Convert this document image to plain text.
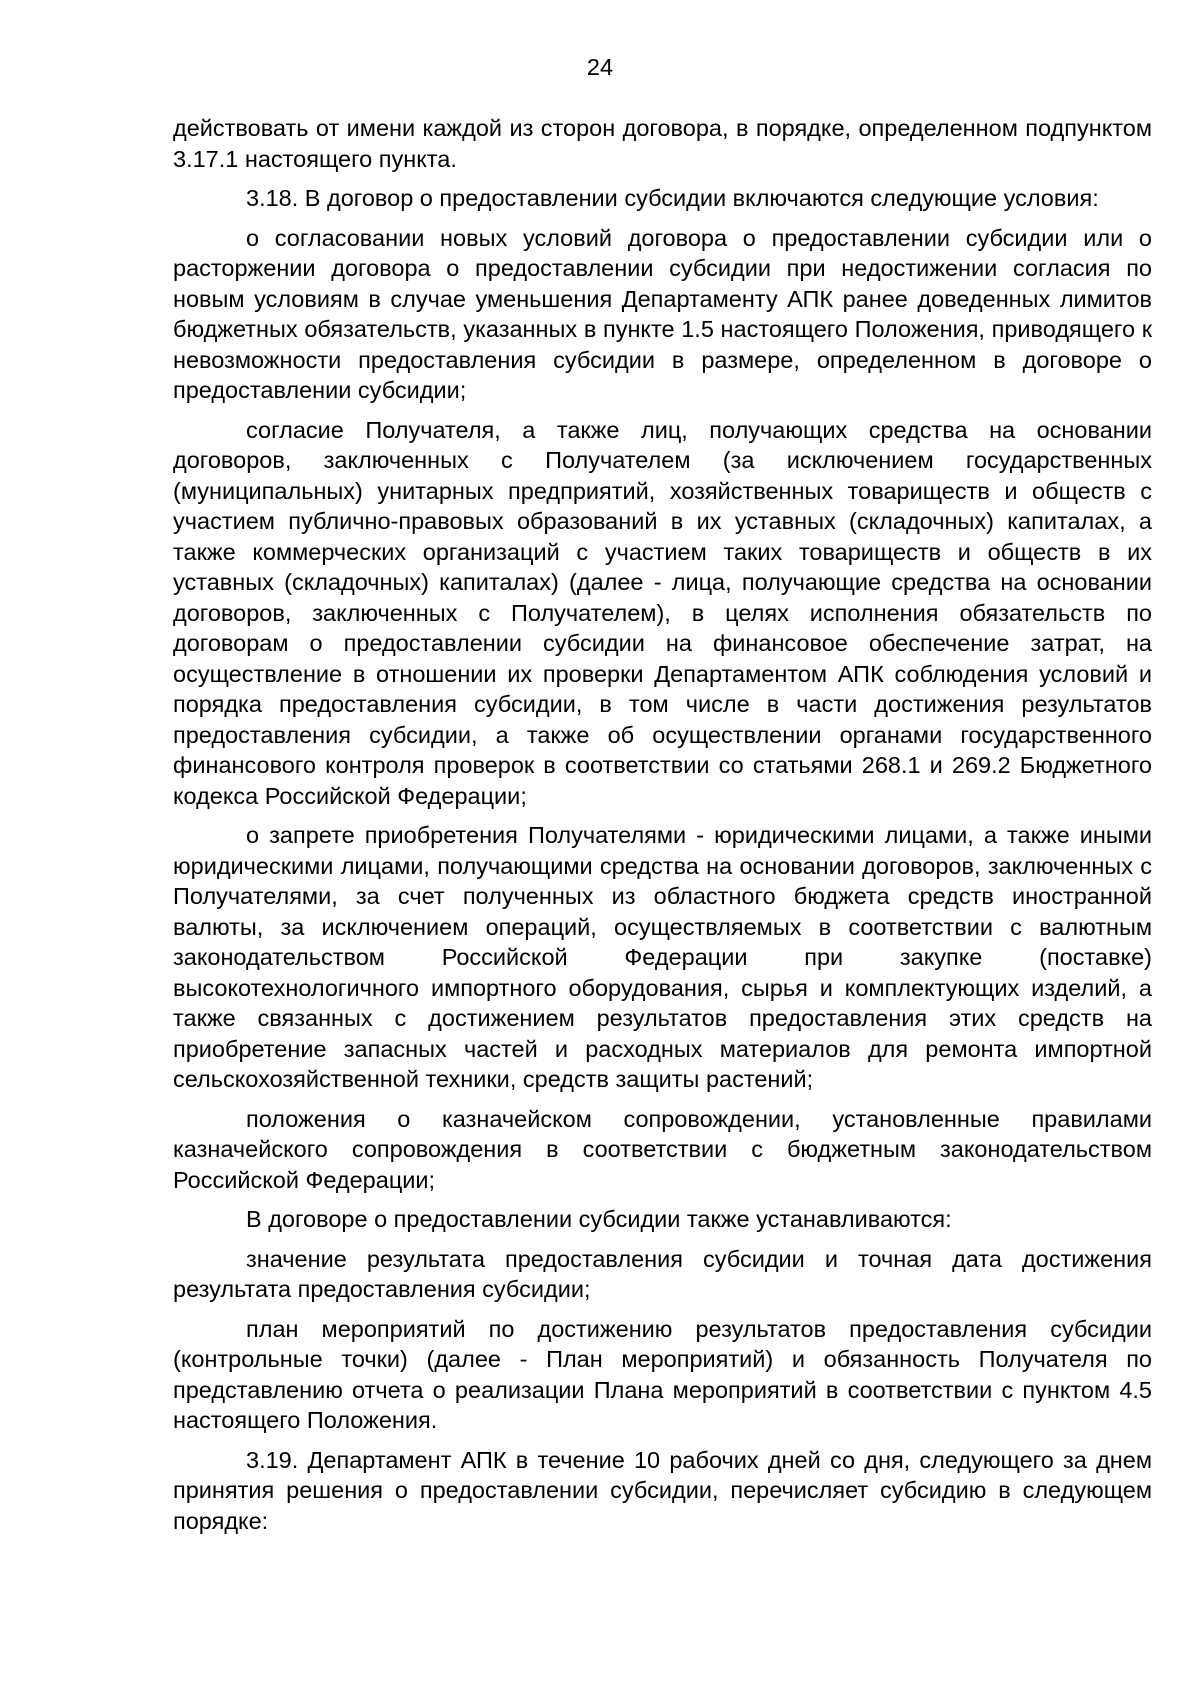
24

действовать от имени каждой из сторон договора, в порядке, определенном подпунктом 3.17.1 настоящего пункта.

3.18. В договор о предоставлении субсидии включаются следующие условия:

о согласовании новых условий договора о предоставлении субсидии или о расторжении договора о предоставлении субсидии при недостижении согласия по новым условиям в случае уменьшения Департаменту АПК ранее доведенных лимитов бюджетных обязательств, указанных в пункте 1.5 настоящего Положения, приводящего к невозможности предоставления субсидии в размере, определенном в договоре о предоставлении субсидии;

согласие Получателя, а также лиц, получающих средства на основании договоров, заключенных с Получателем (за исключением государственных (муниципальных) унитарных предприятий, хозяйственных товариществ и обществ с участием публично-правовых образований в их уставных (складочных) капиталах, а также коммерческих организаций с участием таких товариществ и обществ в их уставных (складочных) капиталах) (далее - лица, получающие средства на основании договоров, заключенных с Получателем), в целях исполнения обязательств по договорам о предоставлении субсидии на финансовое обеспечение затрат, на осуществление в отношении их проверки Департаментом АПК соблюдения условий и порядка предоставления субсидии, в том числе в части достижения результатов предоставления субсидии, а также об осуществлении органами государственного финансового контроля проверок в соответствии со статьями 268.1 и 269.2 Бюджетного кодекса Российской Федерации;

о запрете приобретения Получателями - юридическими лицами, а также иными юридическими лицами, получающими средства на основании договоров, заключенных с Получателями, за счет полученных из областного бюджета средств иностранной валюты, за исключением операций, осуществляемых в соответствии с валютным законодательством Российской Федерации при закупке (поставке) высокотехнологичного импортного оборудования, сырья и комплектующих изделий, а также связанных с достижением результатов предоставления этих средств на приобретение запасных частей и расходных материалов для ремонта импортной сельскохозяйственной техники, средств защиты растений;

положения о казначейском сопровождении, установленные правилами казначейского сопровождения в соответствии с бюджетным законодательством Российской Федерации;

В договоре о предоставлении субсидии также устанавливаются:

значение результата предоставления субсидии и точная дата достижения результата предоставления субсидии;

план мероприятий по достижению результатов предоставления субсидии (контрольные точки) (далее - План мероприятий) и обязанность Получателя по представлению отчета о реализации Плана мероприятий в соответствии с пунктом 4.5 настоящего Положения.

3.19. Департамент АПК в течение 10 рабочих дней со дня, следующего за днем принятия решения о предоставлении субсидии, перечисляет субсидию в следующем порядке:
